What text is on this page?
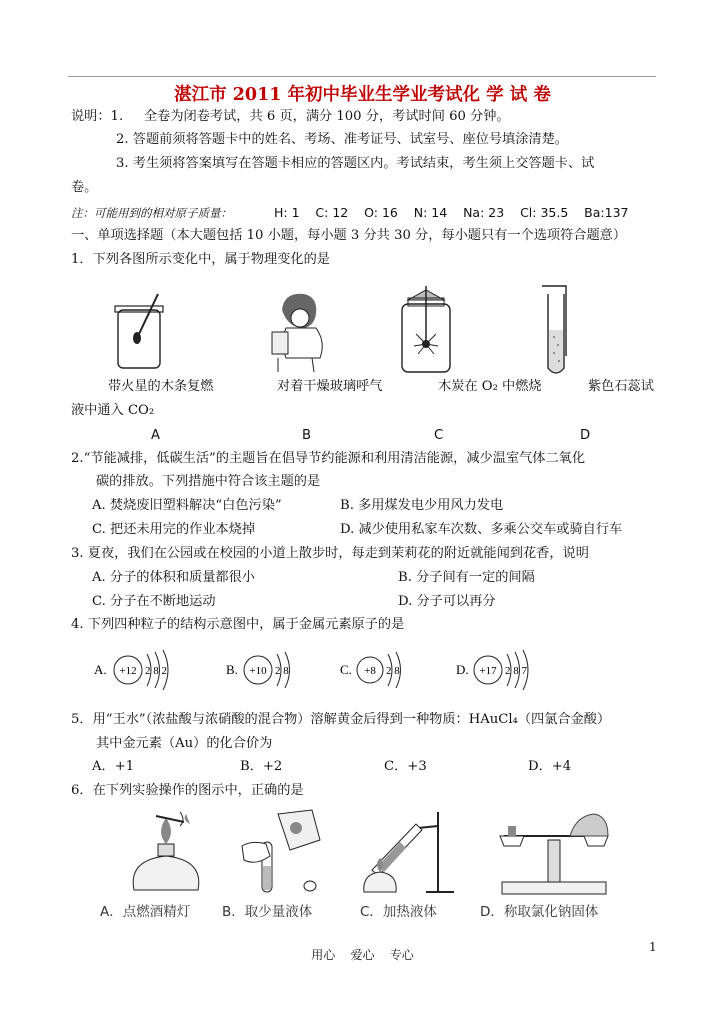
湛江市 2011 年初中毕业生学业考试化 学 试 卷
说明：1. 全卷为闭卷考试，共 6 页，满分 100 分，考试时间 60 分钟。
2. 答题前须将答题卡中的姓名、考场、准考证号、试室号、座位号填涂清楚。
3. 考生须将答案填写在答题卡相应的答题区内。考试结束，考生须上交答题卡、试
卷。
注：可能用到的相对原子质量：	H: 1    C: 12    O: 16    N: 14    Na: 23    Cl: 35.5    Ba:137
一、单项选择题（本大题包括 10 小题，每小题 3 分共 30 分，每小题只有一个选项符合题意）
1．下列各图所示变化中，属于物理变化的是
带火星的木条复燃	对着干燥玻璃呼气	木炭在 O₂ 中燃烧	紫色石蕊试
液中通入 CO₂
A	B	C	D
2.“节能减排，低碳生活”的主题旨在倡导节约能源和利用清洁能源，减少温室气体二氧化
碳的排放。下列措施中符合该主题的是
A. 焚烧废旧塑料解决“白色污染”	B. 多用煤发电少用风力发电
C. 把还未用完的作业本烧掉	D. 减少使用私家车次数、多乘公交车或骑自行车
3. 夏夜，我们在公园或在校园的小道上散步时，每走到茉莉花的附近就能闻到花香，说明
A. 分子的体积和质量都很小	B. 分子间有一定的间隔
C. 分子在不断地运动	D. 分子可以再分
4. 下列四种粒子的结构示意图中，属于金属元素原子的是
A. +12 2 8 2	B. +10 2 8	C. +8 2 8	D. +17 2 8 7
5．用“王水”（浓盐酸与浓硝酸的混合物）溶解黄金后得到一种物质：HAuCl₄（四氯合金酸）
其中金元素（Au）的化合价为
A．+1	B．+2	C．+3	D．+4
6．在下列实验操作的图示中，正确的是
A．点燃酒精灯 B．取少量液体	C．加热液体	D．称取氯化钠固体
用心    爱心    专心
1
